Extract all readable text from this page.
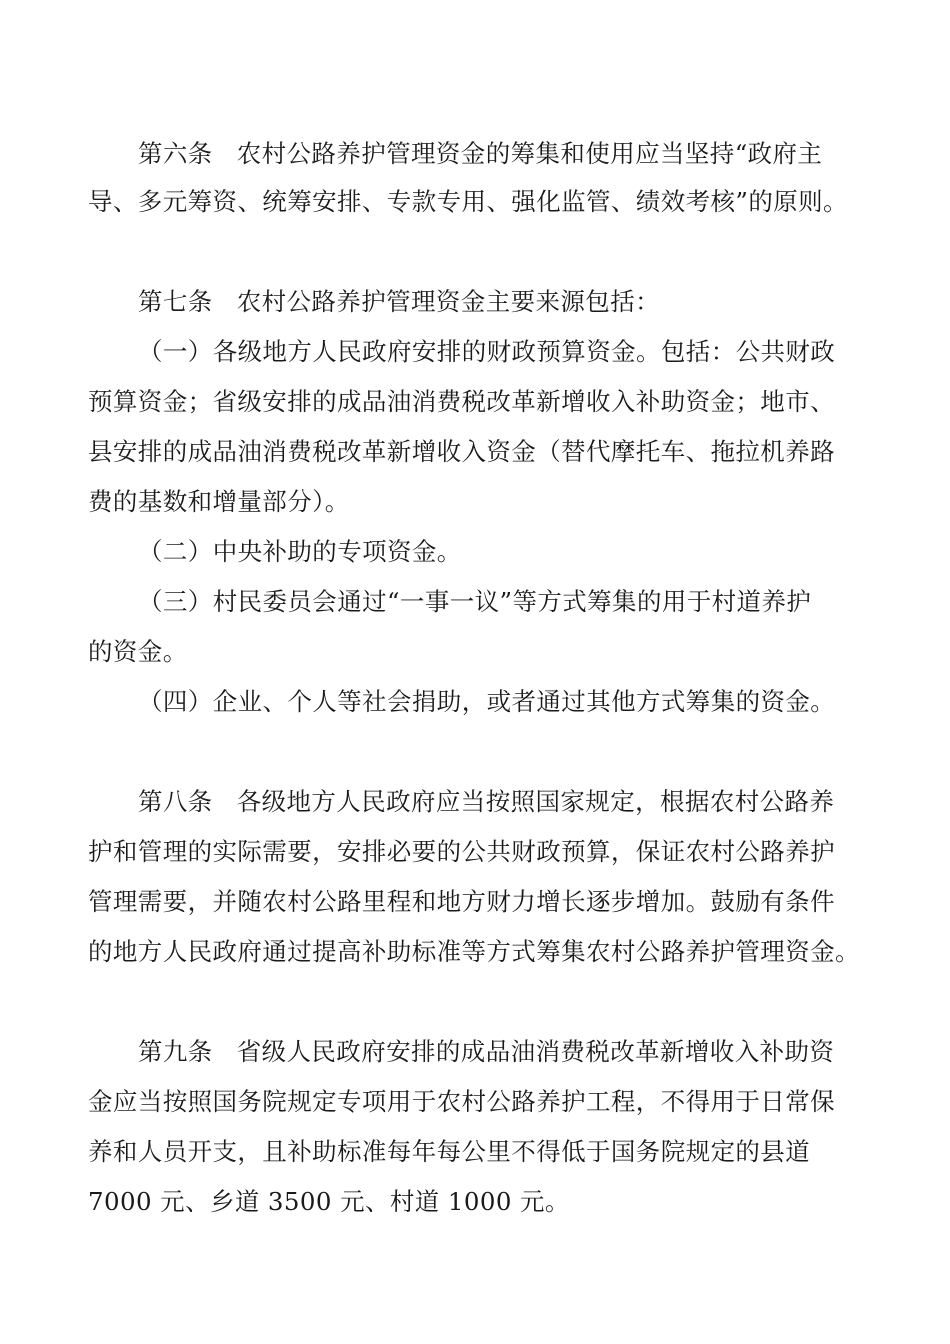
第六条 农村公路养护管理资金的筹集和使用应当坚持“政府主
导、多元筹资、统筹安排、专款专用、强化监管、绩效考核”的原则。
第七条 农村公路养护管理资金主要来源包括：
（一）各级地方人民政府安排的财政预算资金。包括：公共财政
预算资金；省级安排的成品油消费税改革新增收入补助资金；地市、
县安排的成品油消费税改革新增收入资金（替代摩托车、拖拉机养路
费的基数和增量部分）。
（二）中央补助的专项资金。
（三）村民委员会通过“一事一议”等方式筹集的用于村道养护
的资金。
（四）企业、个人等社会捐助，或者通过其他方式筹集的资金。
第八条 各级地方人民政府应当按照国家规定，根据农村公路养
护和管理的实际需要，安排必要的公共财政预算，保证农村公路养护
管理需要，并随农村公路里程和地方财力增长逐步增加。鼓励有条件
的地方人民政府通过提高补助标准等方式筹集农村公路养护管理资金。
第九条 省级人民政府安排的成品油消费税改革新增收入补助资
金应当按照国务院规定专项用于农村公路养护工程，不得用于日常保
养和人员开支，且补助标准每年每公里不得低于国务院规定的县道
7000 元、乡道 3500 元、村道 1000 元。
